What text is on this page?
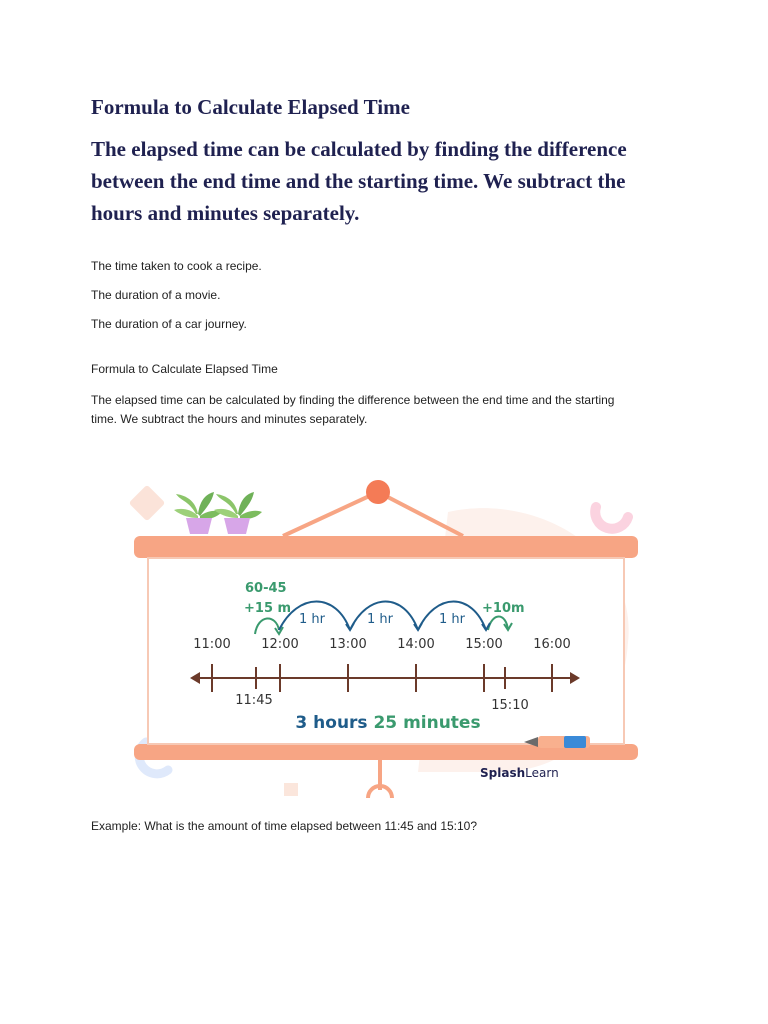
Formula to Calculate Elapsed Time
The elapsed time can be calculated by finding the difference
between the end time and the starting time. We subtract the
hours and minutes separately.

The time taken to cook a recipe.

The duration of a movie.

The duration of a car journey.

Formula to Calculate Elapsed Time

The elapsed time can be calculated by finding the difference between the end time and the starting
time. We subtract the hours and minutes separately.
11:00 12:00 13:00 14:00 15:00 16:00
11:45	15:10
60-45
+15 m	+10m
1 hr	1 hr	1 hr
3 hours 25 minutes
SplashLearn

Example: What is the amount of time elapsed between 11:45 and 15:10?
